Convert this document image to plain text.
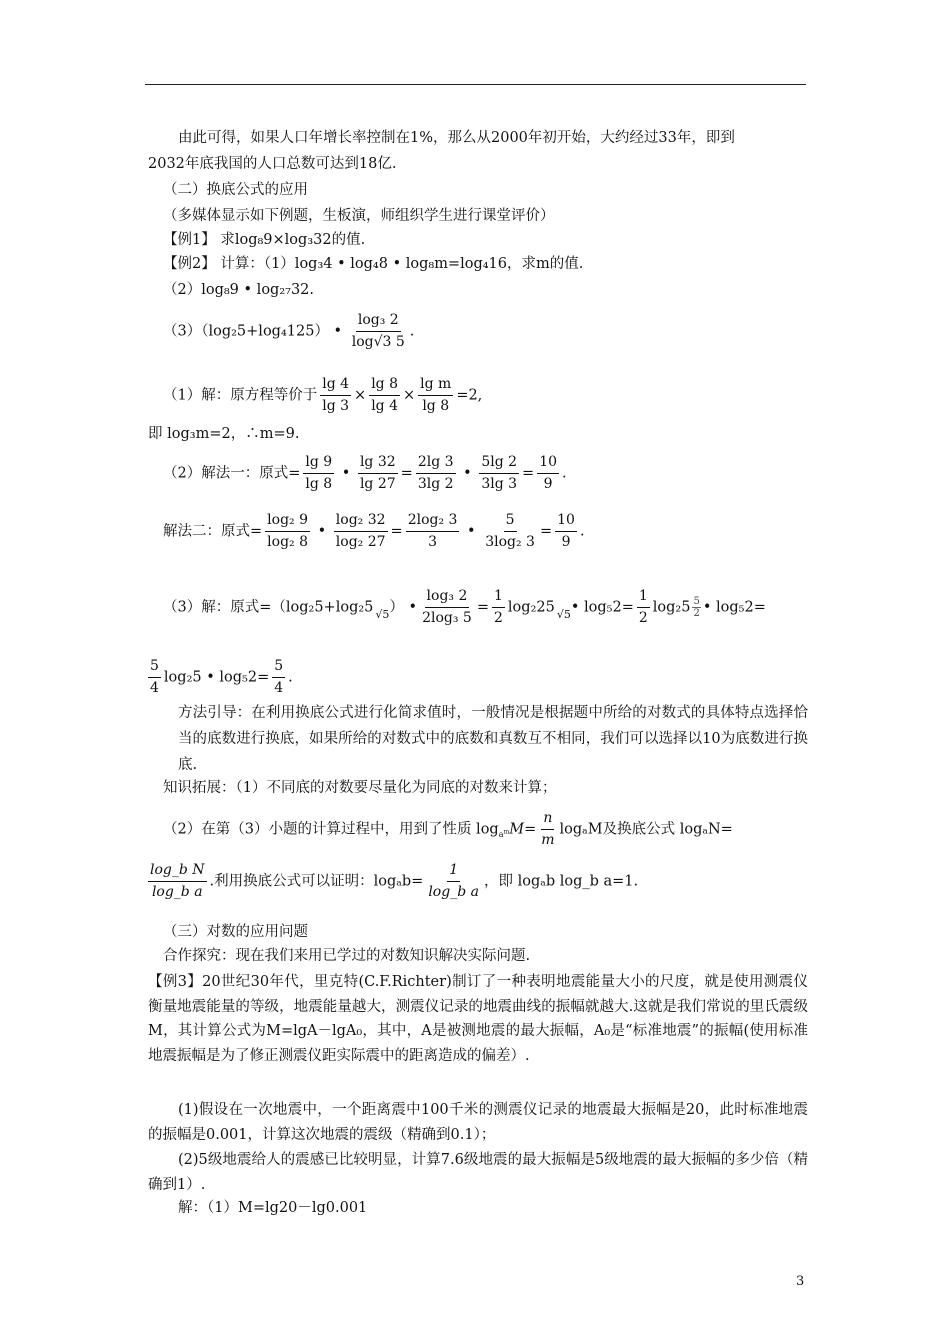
由此可得，如果人口年增长率控制在1%，那么从2000年初开始，大约经过33年，即到
2032年底我国的人口总数可达到18亿.
（二）换底公式的应用
（多媒体显示如下例题，生板演，师组织学生进行课堂评价）
【例1】 求log₈9×log₃32的值.
【例2】 计算：（1）log₃4 • log₄8 • log₈m=log₄16，求m的值.
（2）log₈9 • log₂₇32.
（3）（log₂5+log₄125） • $\frac{\text{log₃ 2}}{\log√3 5}$ .
（1）解：原方程等价于 $\frac{\lg 4}{\lg 3} \times \frac{\lg 8}{\lg 4} \times \frac{\text{lg m}}{\lg 8} =2$,
即 log₃m=2，∴m=9.
（2）解法一：原式= $\frac{\lg 9}{\lg 8}$ • $\frac{\lg 32}{\lg 27} = \frac{2\lg 3}{3\lg 2}$ • $\frac{5\lg 2}{3\lg 3} = \frac{10}{9}$ .
解法二：原式= $\frac{\text{log₂ 9}}{\text{log₂ 8}}$ • $\frac{\text{log₂ 32}}{\text{log₂ 27}} = \frac{\text{2log₂ 3}}{3}$ • $\frac{5}{\text{3log₂ 3}} = \frac{10}{9}$ .
（3）解：原式=（log₂5+log₂5 $_{√5}$） • $\frac{\text{log₃ 2}}{\text{2log₃ 5}} = \frac{1}{2} \log_225$ $_{√5}$• $\log_52= \frac{1}{2} \log_25 \frac{5}{2}$ • log₅2=
$\frac{5}{4} \log_25$ • $\log_52= \frac{5}{4}$ .
方法引导：在利用换底公式进行化简求值时，一般情况是根据题中所给的对数式的具体特点选择恰当的底数进行换底，如果所给的对数式中的底数和真数互不相同，我们可以选择以10为底数进行换底.
知识拓展：（1）不同底的对数要尽量化为同底的对数来计算；
（2）在第（3）小题的计算过程中，用到了性质 $\log_{a^m}M= \frac{n}{m}$ logₐM及换底公式 logₐN=
$\frac{\text{log\_b N}}{\text{log\_b a}}$ .利用换底公式可以证明：$\log_ab= \frac{1}{\text{log\_b a}}$ ，即 logₐb log_b a=1.
（三）对数的应用问题
合作探究：现在我们来用已学过的对数知识解决实际问题.
【例3】20世纪30年代，里克特(C.F.Richter)制订了一种表明地震能量大小的尺度，就是使用测震仪衡量地震能量的等级，地震能量越大，测震仪记录的地震曲线的振幅就越大.这就是我们常说的里氏震级M，其计算公式为M=lgA－lgA₀，其中，A是被测地震的最大振幅，A₀是“标准地震”的振幅(使用标准地震振幅是为了修正测震仪距实际震中的距离造成的偏差）.
(1)假设在一次地震中，一个距离震中100千米的测震仪记录的地震最大振幅是20，此时标准地震的振幅是0.001，计算这次地震的震级（精确到0.1）；
(2)5级地震给人的震感已比较明显，计算7.6级地震的最大振幅是5级地震的最大振幅的多少倍（精确到1）.
解：（1）M=lg20－lg0.001
3
